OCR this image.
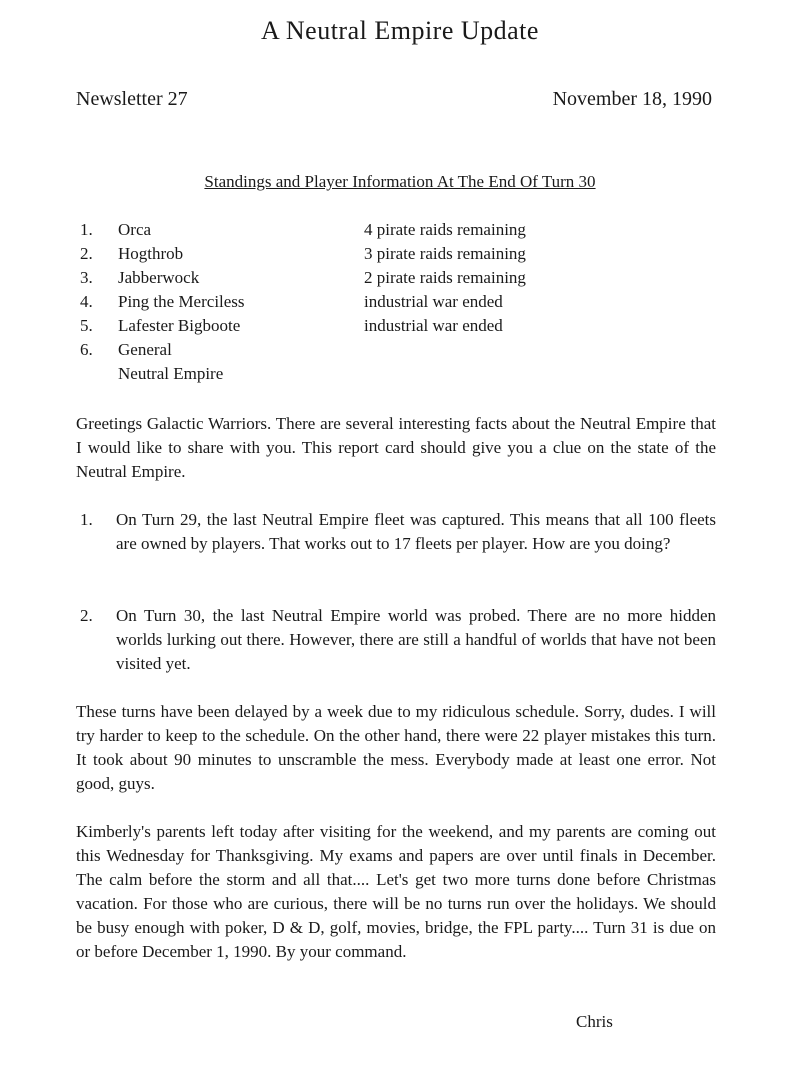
A Neutral Empire Update
Newsletter 27	November 18, 1990
Standings and Player Information At The End Of Turn 30
1. Orca	4 pirate raids remaining
2. Hogthrob	3 pirate raids remaining
3. Jabberwock	2 pirate raids remaining
4. Ping the Merciless	industrial war ended
5. Lafester Bigboote	industrial war ended
6. General
Neutral Empire

Greetings Galactic Warriors. There are several interesting facts about the Neutral Empire that I would like to share with you. This report card should give you a clue on the state of the Neutral Empire.

1. On Turn 29, the last Neutral Empire fleet was captured. This means that all 100 fleets are owned by players. That works out to 17 fleets per player. How are you doing?
2. On Turn 30, the last Neutral Empire world was probed. There are no more hidden worlds lurking out there. However, there are still a handful of worlds that have not been visited yet.

These turns have been delayed by a week due to my ridiculous schedule. Sorry, dudes. I will try harder to keep to the schedule. On the other hand, there were 22 player mistakes this turn. It took about 90 minutes to unscramble the mess. Everybody made at least one error. Not good, guys.

Kimberly's parents left today after visiting for the weekend, and my parents are coming out this Wednesday for Thanksgiving. My exams and papers are over until finals in December. The calm before the storm and all that.... Let's get two more turns done before Christmas vacation. For those who are curious, there will be no turns run over the holidays. We should be busy enough with poker, D & D, golf, movies, bridge, the FPL party.... Turn 31 is due on or before December 1, 1990. By your command.

Chris
